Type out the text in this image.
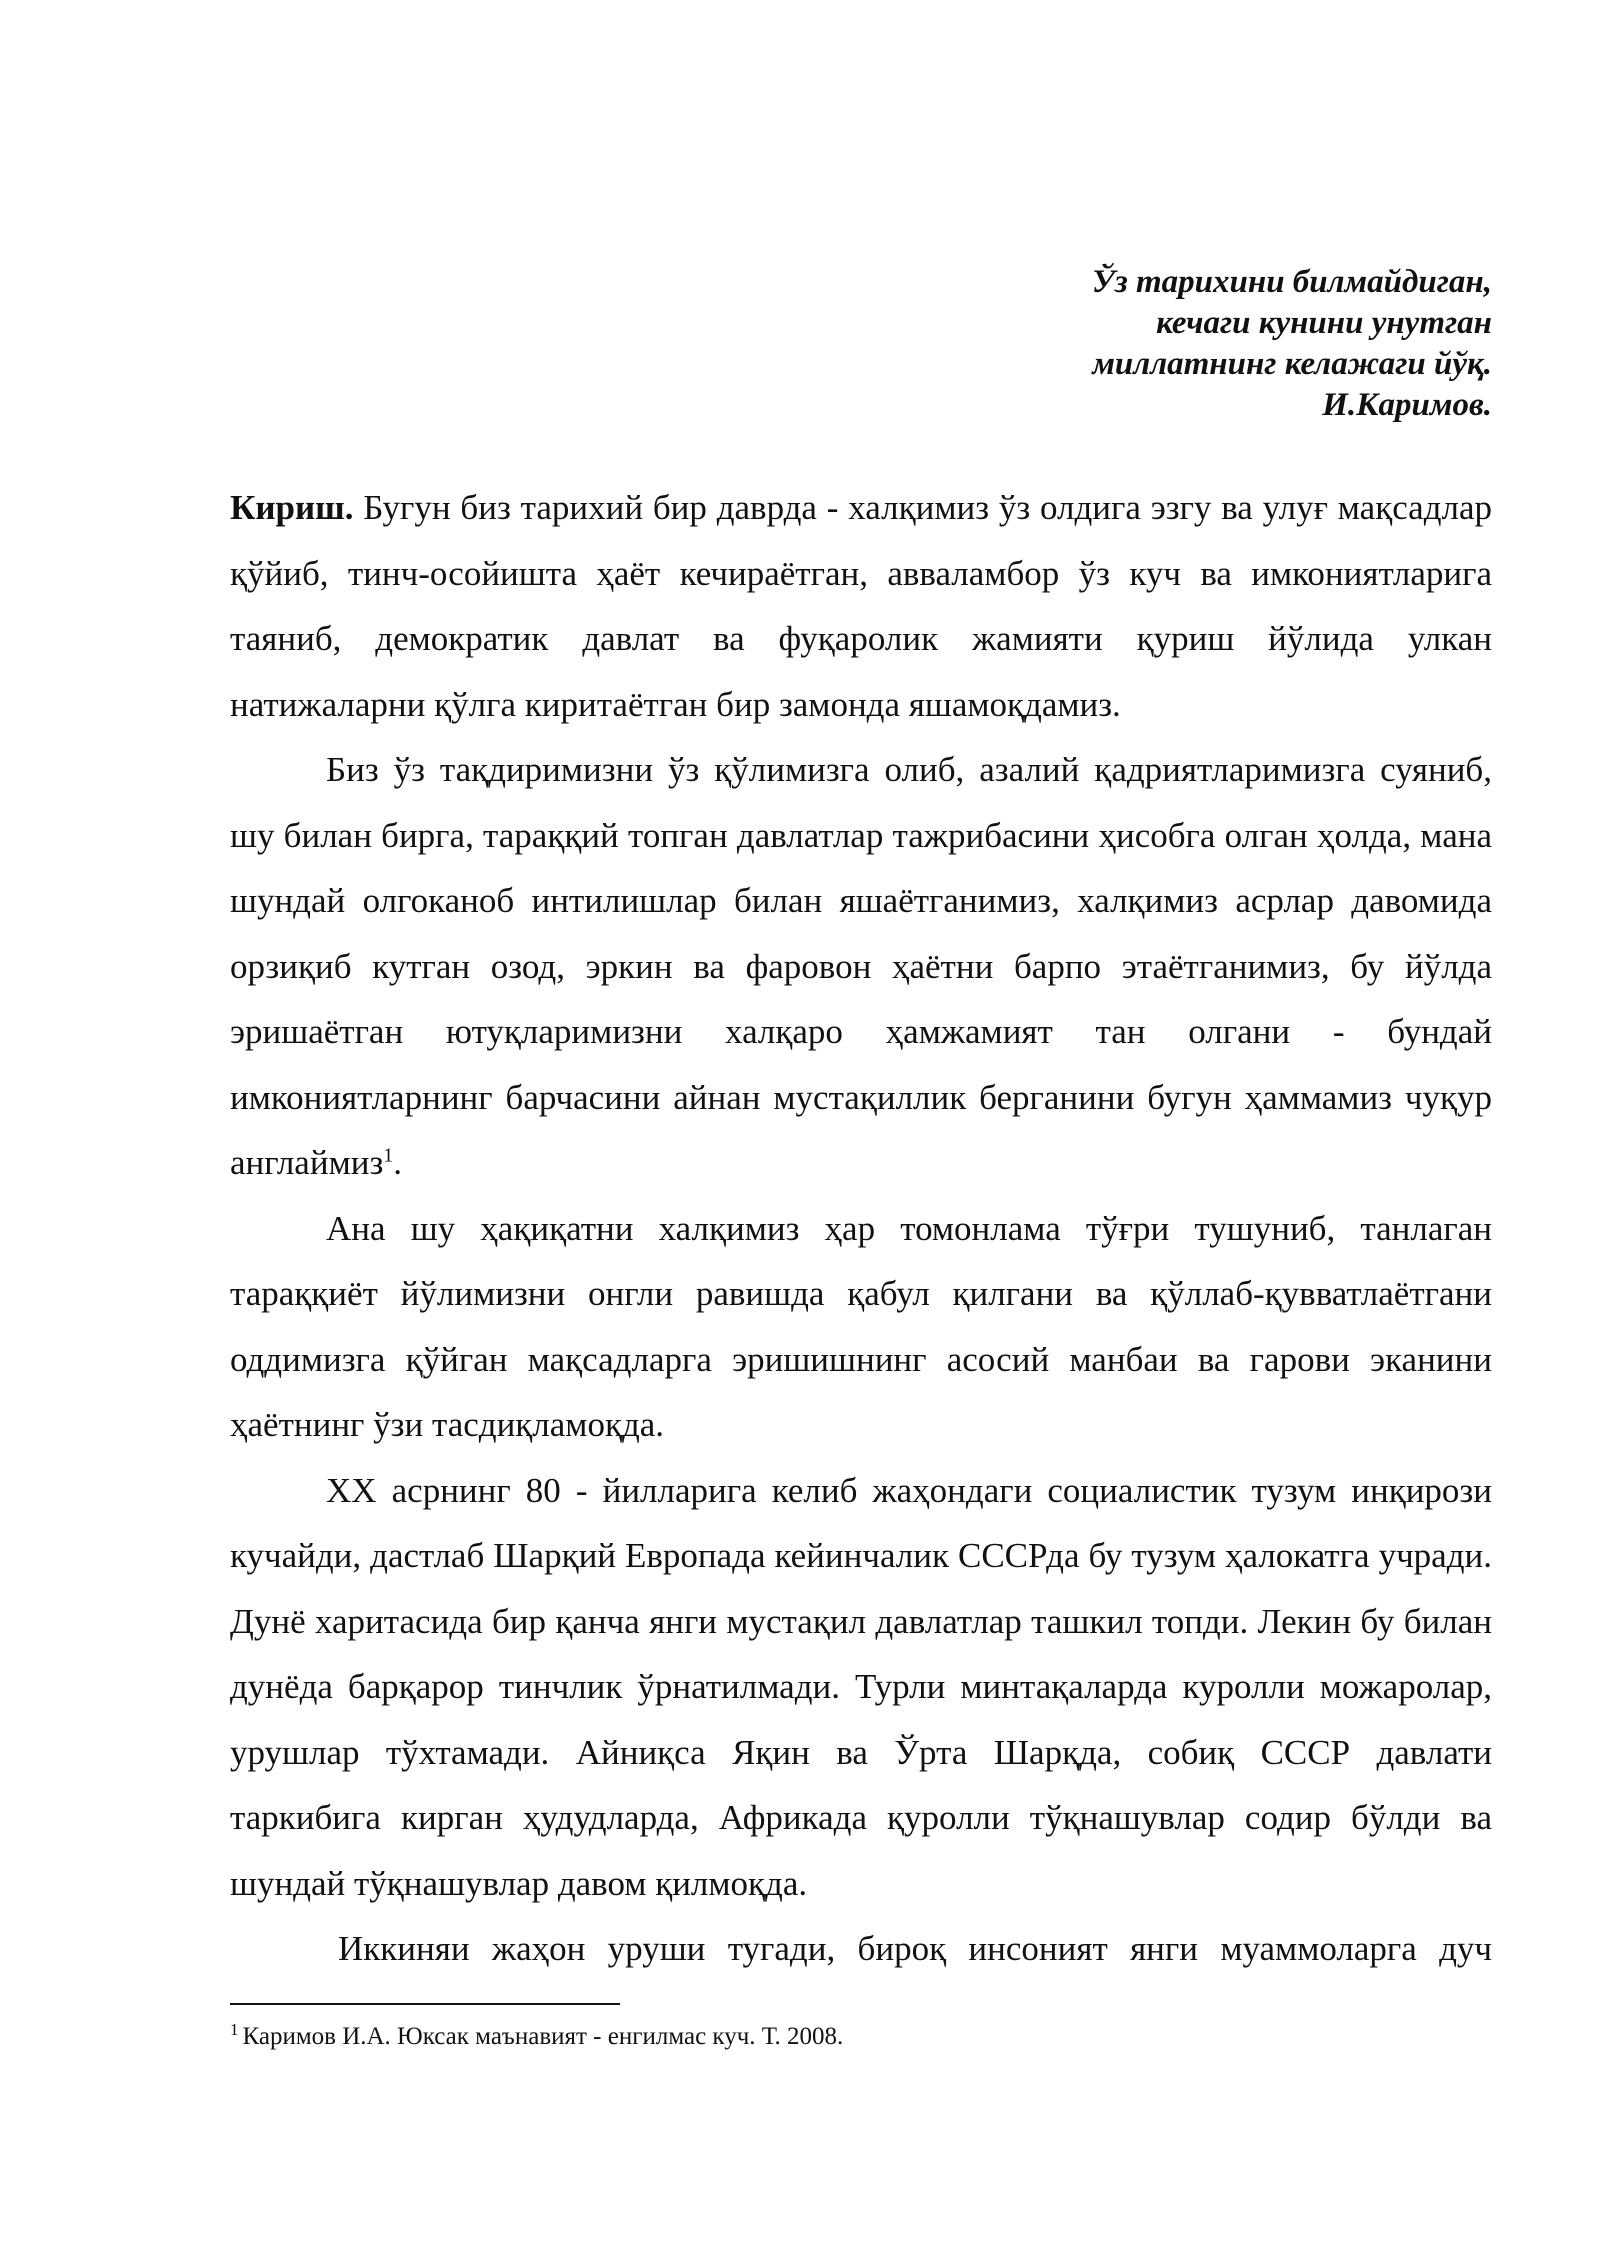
Ўз тарихини билмайдиган,
кечаги кунини унутган
миллатнинг келажаги йўқ.
И.Каримов.

Кириш. Бугун биз тарихий бир даврда - халқимиз ўз олдига эзгу ва улуғ мақсадлар қўйиб, тинч-осойишта ҳаёт кечираётган, авваламбор ўз куч ва имкониятларига таяниб, демократик давлат ва фуқаролик жамияти қуриш йўлида улкан натижаларни қўлга киритаётган бир замонда яшамоқдамиз.

Биз ўз тақдиримизни ўз қўлимизга олиб, азалий қадриятларимизга суяниб, шу билан бирга, тараққий топган давлатлар тажрибасини ҳисобга олган ҳолда, мана шундай олгоканоб интилишлар билан яшаётганимиз, халқимиз асрлар давомида орзиқиб кутган озод, эркин ва фаровон ҳаётни барпо этаётганимиз, бу йўлда эришаётган ютуқларимизни халқаро ҳамжамият тан олгани - бундай имкониятларнинг барчасини айнан мустақиллик берганини бугун ҳаммамиз чуқур англаймиз$^1$.

Ана шу ҳақиқатни халқимиз ҳар томонлама тўғри тушуниб, танлаган тараққиёт йўлимизни онгли равишда қабул қилгани ва қўллаб-қувватлаётгани оддимизга қўйган мақсадларга эришишнинг асосий манбаи ва гарови эканини ҳаётнинг ўзи тасдиқламоқда.

XX асрнинг 80 - йилларига келиб жаҳондаги социалистик тузум инқирози кучайди, дастлаб Шарқий Европада кейинчалик СССРда бу тузум ҳалокатга учради. Дунё харитасида бир қанча янги мустақил давлатлар ташкил топди. Лекин бу билан дунёда барқарор тинчлик ўрнатилмади. Турли минтақаларда куролли можаролар, урушлар тўхтамади. Айниқса Яқин ва Ўрта Шарқда, собиқ СССР давлати таркибига кирган ҳудудларда, Африкада қуролли тўқнашувлар содир бўлди ва шундай тўқнашувлар давом қилмоқда.

Иккиняи жаҳон уруши тугади, бироқ инсоният янги муаммоларга дуч

$^1$ Каримов И.А. Юксак маънавият - енгилмас куч. Т. 2008.
